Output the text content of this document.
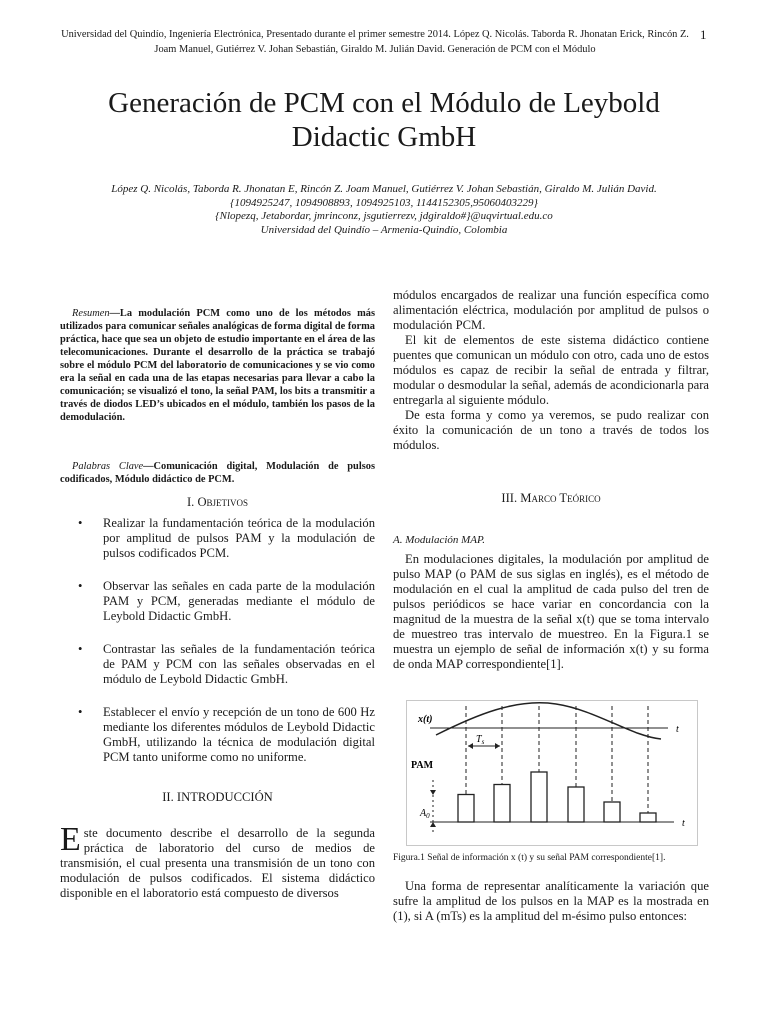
Universidad del Quindío, Ingeniería Electrónica, Presentado durante el primer semestre 2014. López Q. Nicolás. Taborda R. Jhonatan Erick, Rincón Z. Joam Manuel, Gutiérrez V. Johan Sebastián, Giraldo M. Julián David. Generación de PCM con el Módulo
1
Generación de PCM con el Módulo de Leybold Didactic GmbH
López Q. Nicolás, Taborda R. Jhonatan E, Rincón Z. Joam Manuel, Gutiérrez V. Johan Sebastián, Giraldo M. Julián David.
{1094925247, 1094908893, 1094925103, 1144152305,95060403229}
{Nlopezq, Jetabordar, jmrinconz, jsgutierrezv, jdgiraldo#}@uqvirtual.edu.co
Universidad del Quindío – Armenia-Quindío, Colombia
Resumen—La modulación PCM como uno de los métodos más utilizados para comunicar señales analógicas de forma digital de forma práctica, hace que sea un objeto de estudio importante en el área de las telecomunicaciones. Durante el desarrollo de la práctica se trabajó sobre el módulo PCM del laboratorio de comunicaciones y se vio como era la señal en cada una de las etapas necesarias para llevar a cabo la comunicación; se visualizó el tono, la señal PAM, los bits a transmitir a través de diodos LED’s ubicados en el módulo, también los pasos de la demodulación.
Palabras Clave—Comunicación digital, Modulación de pulsos codificados, Módulo didáctico de PCM.
I. Objetivos
• Realizar la fundamentación teórica de la modulación por amplitud de pulsos PAM y la modulación de pulsos codificados PCM.
• Observar las señales en cada parte de la modulación PAM y PCM, generadas mediante el módulo de Leybold Didactic GmbH.
• Contrastar las señales de la fundamentación teórica de PAM y PCM con las señales observadas en el módulo de Leybold Didactic GmbH.
• Establecer el envío y recepción de un tono de 600 Hz mediante los diferentes módulos de Leybold Didactic GmbH, utilizando la técnica de modulación digital PCM tanto uniforme como no uniforme.
II. INTRODUCCIÓN
Este documento describe el desarrollo de la segunda práctica de laboratorio del curso de medios de transmisión, el cual presenta una transmisión de un tono con modulación de pulsos codificados. El sistema didáctico disponible en el laboratorio está compuesto de diversos

módulos encargados de realizar una función específica como alimentación eléctrica, modulación por amplitud de pulsos o modulación PCM.

El kit de elementos de este sistema didáctico contiene puentes que comunican un módulo con otro, cada uno de estos módulos es capaz de recibir la señal de entrada y filtrar, modular o desmodular la señal, además de acondicionarla para entregarla al siguiente módulo.

De esta forma y como ya veremos, se pudo realizar con éxito la comunicación de un tono a través de todos los módulos.

III. Marco Teórico
A. Modulación MAP.

En modulaciones digitales, la modulación por amplitud de pulso MAP (o PAM de sus siglas en inglés), es el método de modulación en el cual la amplitud de cada pulso del tren de pulsos periódicos se hace variar en concordancia con la magnitud de la muestra de la señal x(t) que se toma intervalo de muestreo tras intervalo de muestreo. En la Figura.1 se muestra un ejemplo de señal de información x(t) y su forma de onda MAP correspondiente[1].

x(t)
t
$T_s$
PAM
$A_0$
t
Figura.1 Señal de información x (t) y su señal PAM correspondiente[1].

Una forma de representar analíticamente la variación que sufre la amplitud de los pulsos en la MAP es la mostrada en (1), si A (mTs) es la amplitud del m-ésimo pulso entonces:
